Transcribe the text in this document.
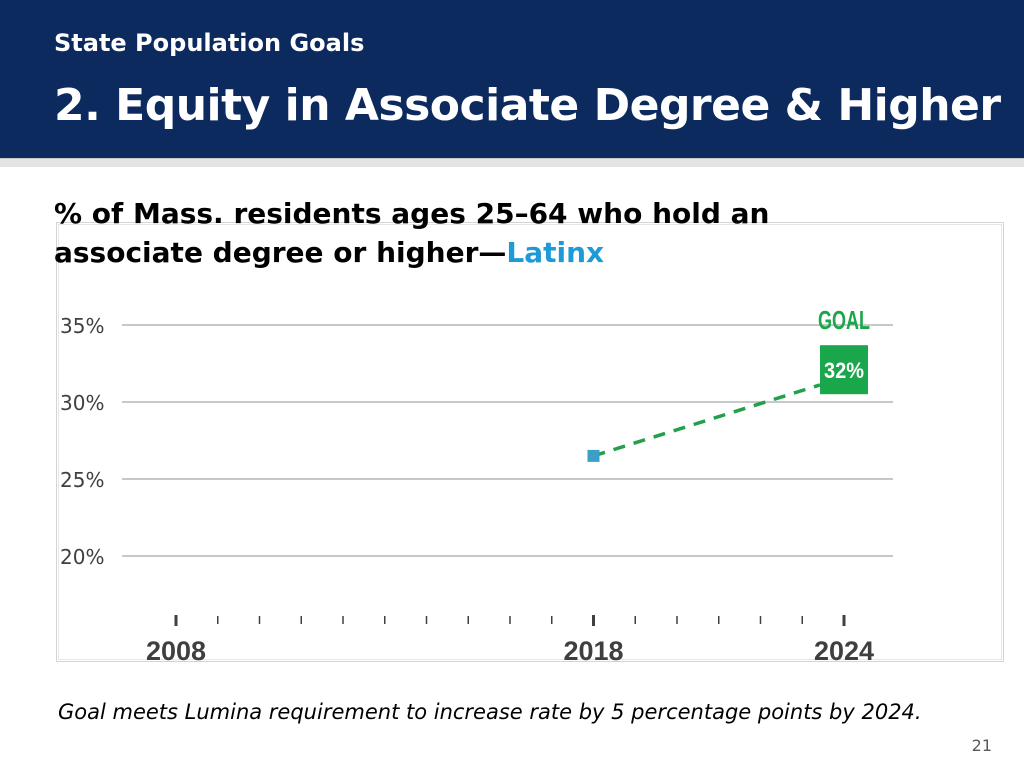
State Population Goals
2. Equity in Associate Degree & Higher
% of Mass. residents ages 25–64 who hold an associate degree or higher—Latinx
20%
25%
30%
35%
2008	2018	2024
32%
GOAL
Goal meets Lumina requirement to increase rate by 5 percentage points by 2024.
21
